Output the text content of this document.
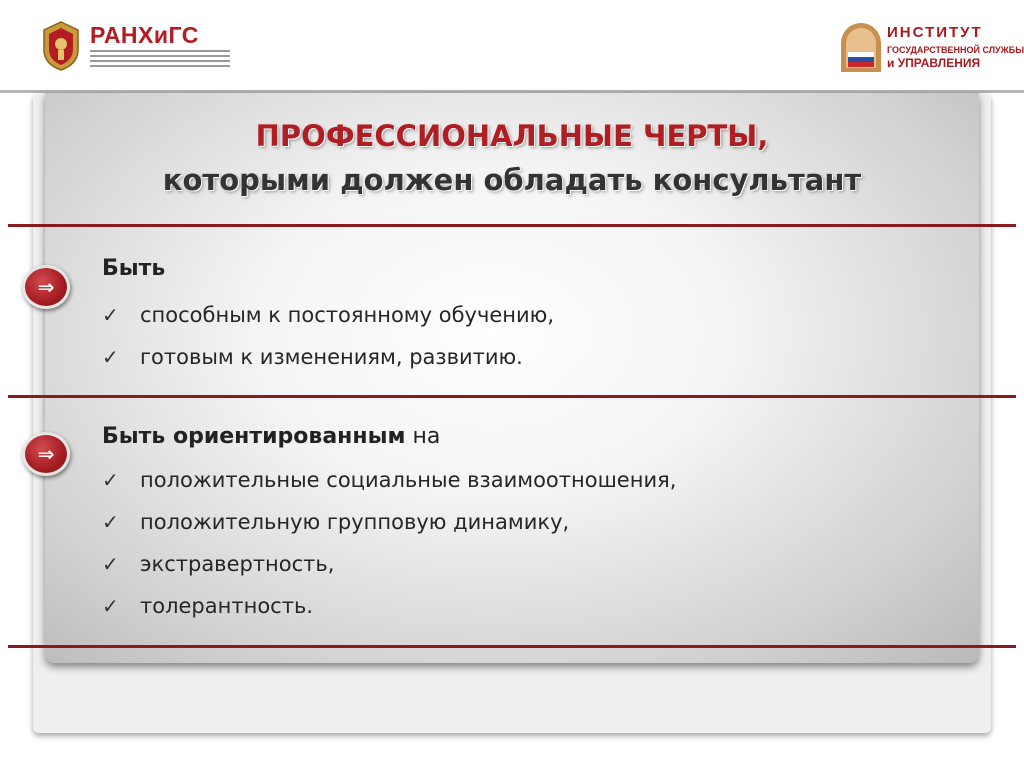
РАНХиГС	ИНСТИТУТ
ГОСУДАРСТВЕННОЙ СЛУЖБЫ
и УПРАВЛЕНИЯ
ПРОФЕССИОНАЛЬНЫЕ ЧЕРТЫ,
которыми должен обладать консультант
⇒
Быть
✓ способным к постоянному обучению,
✓ готовым к изменениям, развитию.
⇒
Быть ориентированным на
✓ положительные социальные взаимоотношения,
✓ положительную групповую динамику,
✓ экстравертность,
✓ толерантность.
